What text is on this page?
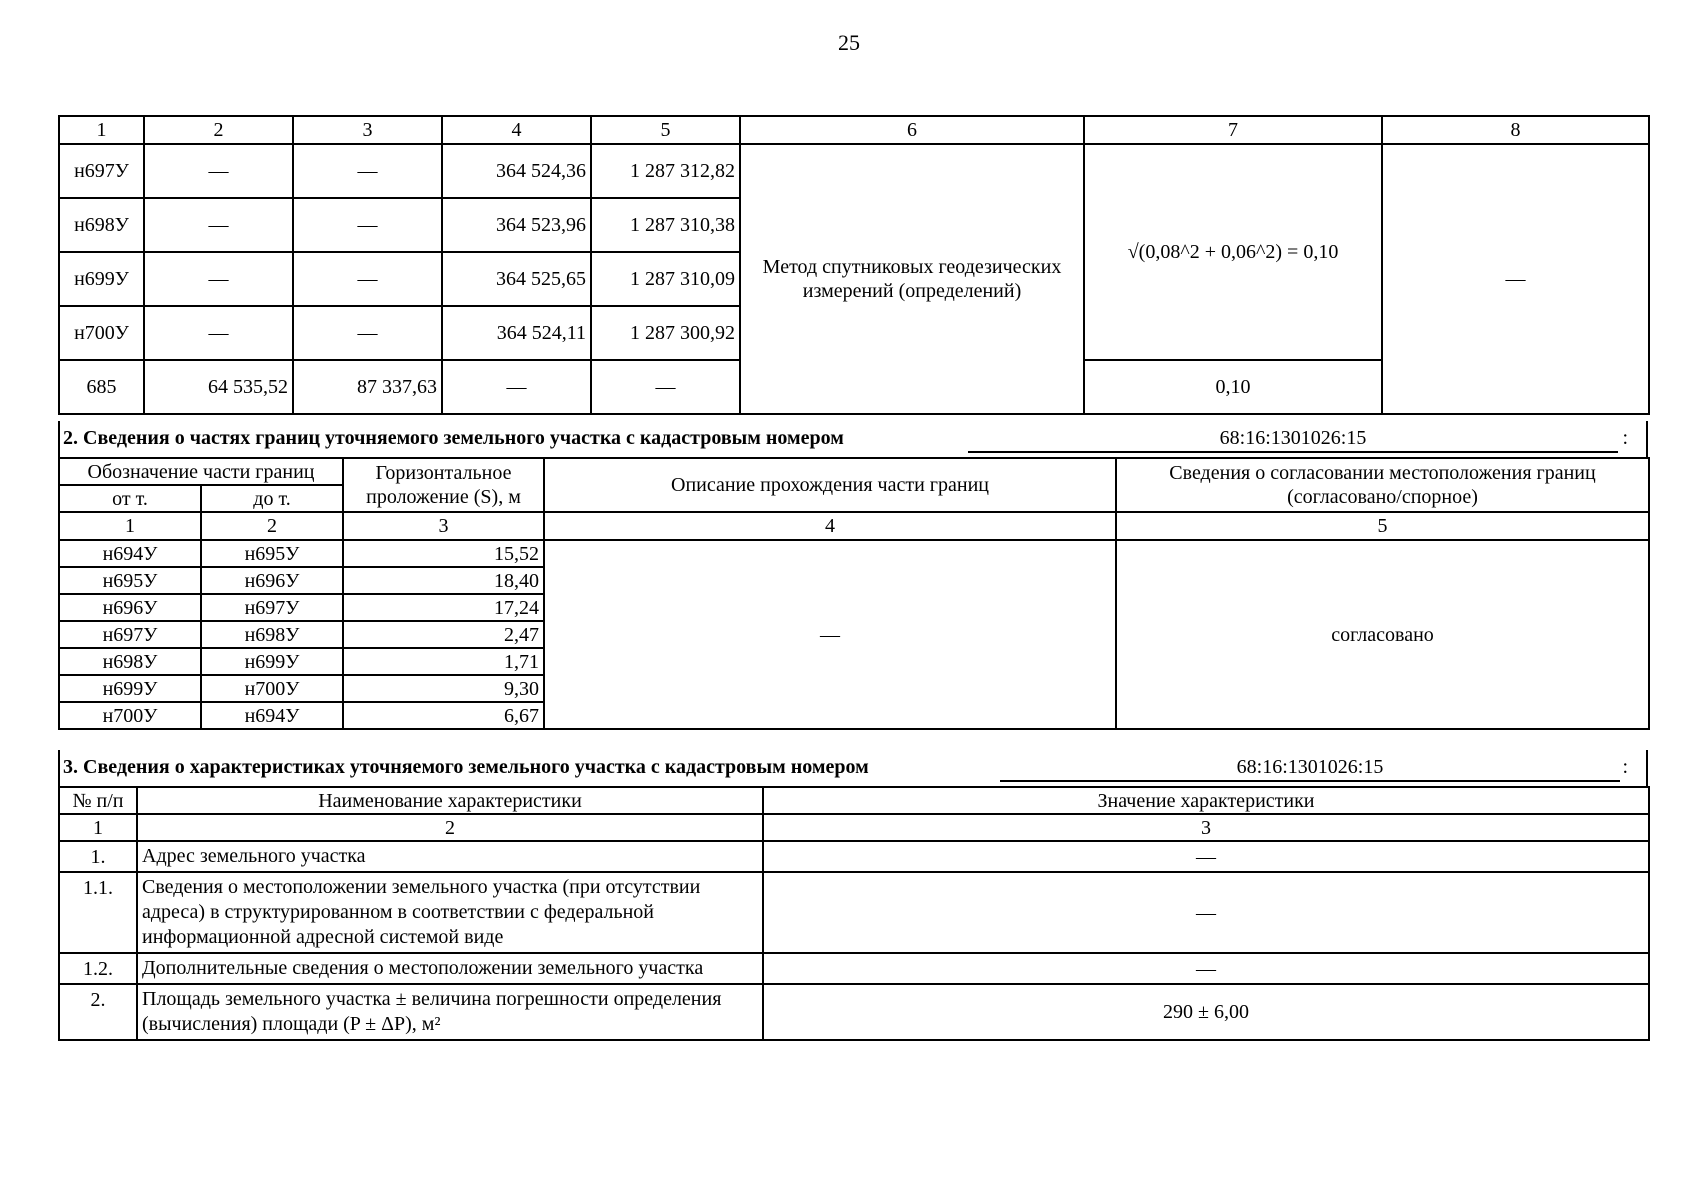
25
1	2	3	4	5	6	7	8
н697У	—	—	364 524,36	1 287 312,82	Метод спутниковых геодезических измерений (определений)	√(0,08^2 + 0,06^2) = 0,10	—
н698У	—	—	364 523,96	1 287 310,38			
н699У	—	—	364 525,65	1 287 310,09			
н700У	—	—	364 524,11	1 287 300,92			
685	64 535,52	87 337,63	—	—		0,10	
2. Сведения о частях границ уточняемого земельного участка с кадастровым номером	68:16:1301026:15	:
Обозначение части границ		Горизонтальное проложение (S), м	Описание прохождения части границ	Сведения о согласовании местоположения границ (согласовано/спорное)
от т.	до т.			
1	2	3	4	5
н694У	н695У	15,52	—	согласовано
н695У	н696У	18,40		
н696У	н697У	17,24		
н697У	н698У	2,47		
н698У	н699У	1,71		
н699У	н700У	9,30		
н700У	н694У	6,67		
3. Сведения о характеристиках уточняемого земельного участка с кадастровым номером	68:16:1301026:15	:
№ п/п	Наименование характеристики	Значение характеристики
1	2	3
1.	Адрес земельного участка	—
1.1.	Сведения о местоположении земельного участка (при отсутствии адреса) в структурированном в соответствии с федеральной информационной адресной системой виде	—
1.2.	Дополнительные сведения о местоположении земельного участка	—
2.	Площадь земельного участка ± величина погрешности определения (вычисления) площади (P ± ΔP), м²	290 ± 6,00
